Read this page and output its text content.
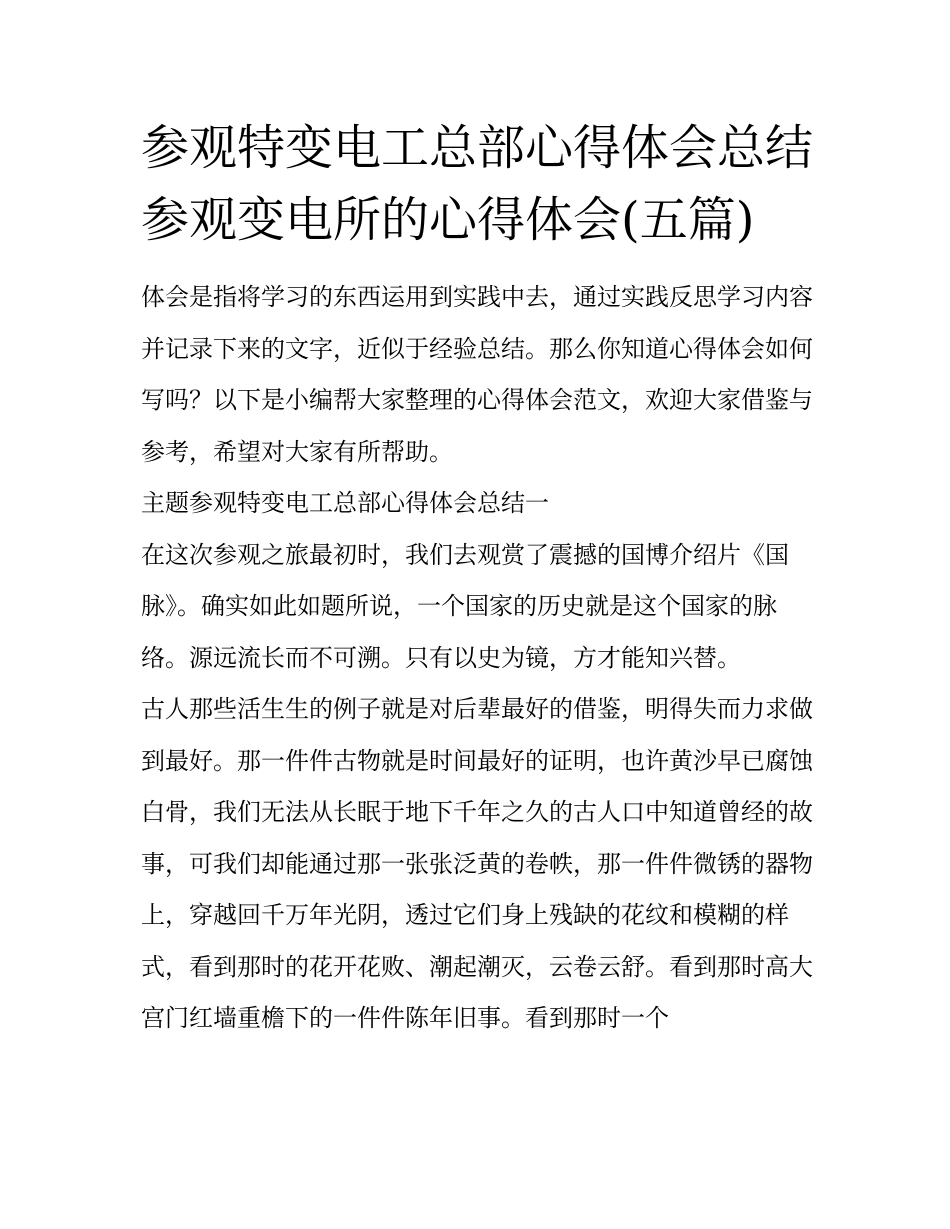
参观特变电工总部心得体会总结 参观变电所的心得体会(五篇)

体会是指将学习的东西运用到实践中去，通过实践反思学习内容并记录下来的文字，近似于经验总结。那么你知道心得体会如何写吗？以下是小编帮大家整理的心得体会范文，欢迎大家借鉴与参考，希望对大家有所帮助。

主题参观特变电工总部心得体会总结一

在这次参观之旅最初时，我们去观赏了震撼的国博介绍片《国脉》。确实如此如题所说，一个国家的历史就是这个国家的脉络。源远流长而不可溯。只有以史为镜，方才能知兴替。

古人那些活生生的例子就是对后辈最好的借鉴，明得失而力求做到最好。那一件件古物就是时间最好的证明，也许黄沙早已腐蚀白骨，我们无法从长眠于地下千年之久的古人口中知道曾经的故事，可我们却能通过那一张张泛黄的卷帙，那一件件微锈的器物上，穿越回千万年光阴，透过它们身上残缺的花纹和模糊的样式，看到那时的花开花败、潮起潮灭，云卷云舒。看到那时高大宫门红墙重檐下的一件件陈年旧事。看到那时一个
